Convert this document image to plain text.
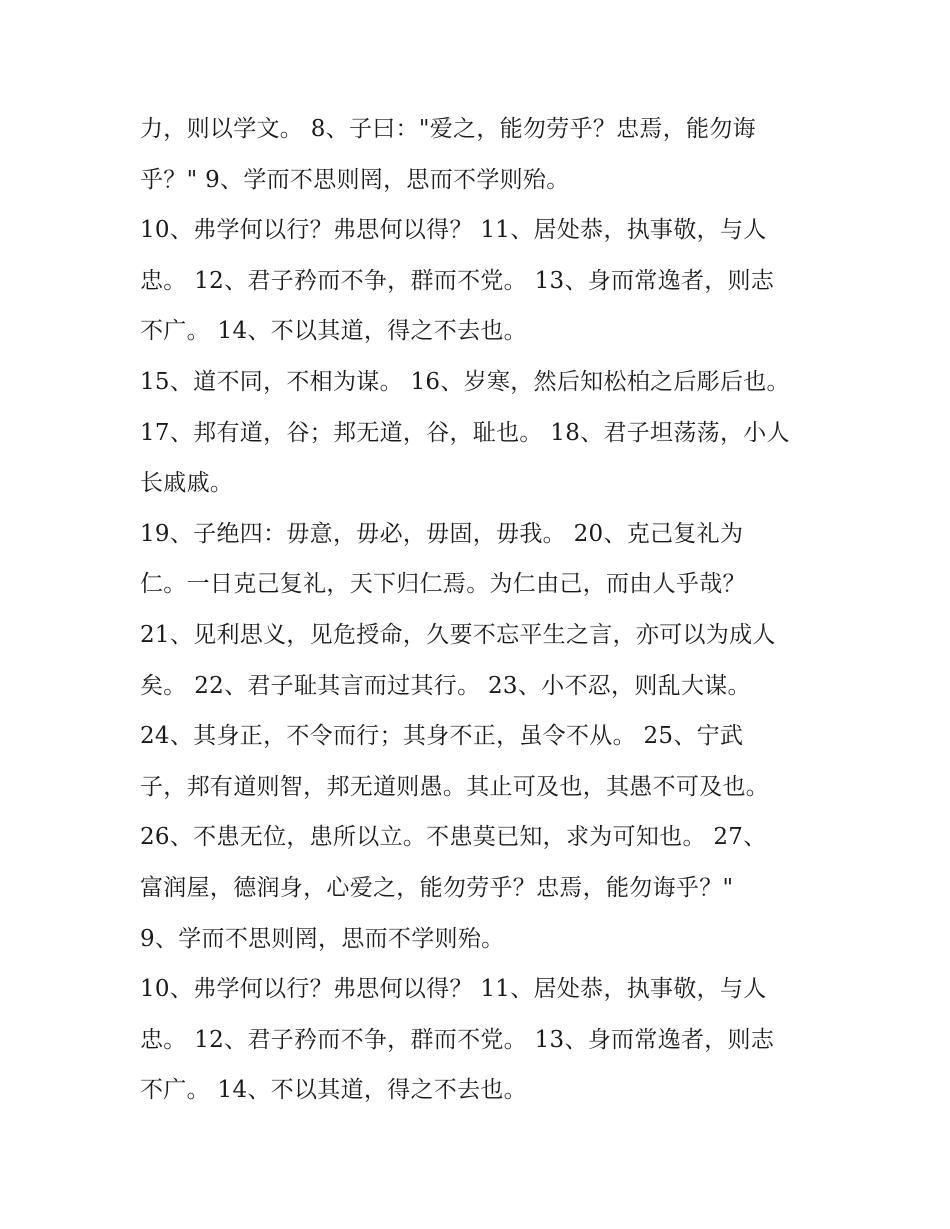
力，则以学文。 8、子曰："爱之，能勿劳乎？忠焉，能勿诲
乎？" 9、学而不思则罔，思而不学则殆。
10、弗学何以行？弗思何以得？ 11、居处恭，执事敬，与人
忠。 12、君子矜而不争，群而不党。 13、身而常逸者，则志
不广。 14、不以其道，得之不去也。
15、道不同，不相为谋。 16、岁寒，然后知松柏之后彫后也。
17、邦有道，谷；邦无道，谷，耻也。 18、君子坦荡荡，小人
长戚戚。
19、子绝四：毋意，毋必，毋固，毋我。 20、克己复礼为
仁。一日克己复礼，天下归仁焉。为仁由己，而由人乎哉？
21、见利思义，见危授命，久要不忘平生之言，亦可以为成人
矣。 22、君子耻其言而过其行。 23、小不忍，则乱大谋。
24、其身正，不令而行；其身不正，虽令不从。 25、宁武
子，邦有道则智，邦无道则愚。其止可及也，其愚不可及也。
26、不患无位，患所以立。不患莫已知，求为可知也。 27、
富润屋，德润身，心爱之，能勿劳乎？忠焉，能勿诲乎？"
9、学而不思则罔，思而不学则殆。
10、弗学何以行？弗思何以得？ 11、居处恭，执事敬，与人
忠。 12、君子矜而不争，群而不党。 13、身而常逸者，则志
不广。 14、不以其道，得之不去也。
